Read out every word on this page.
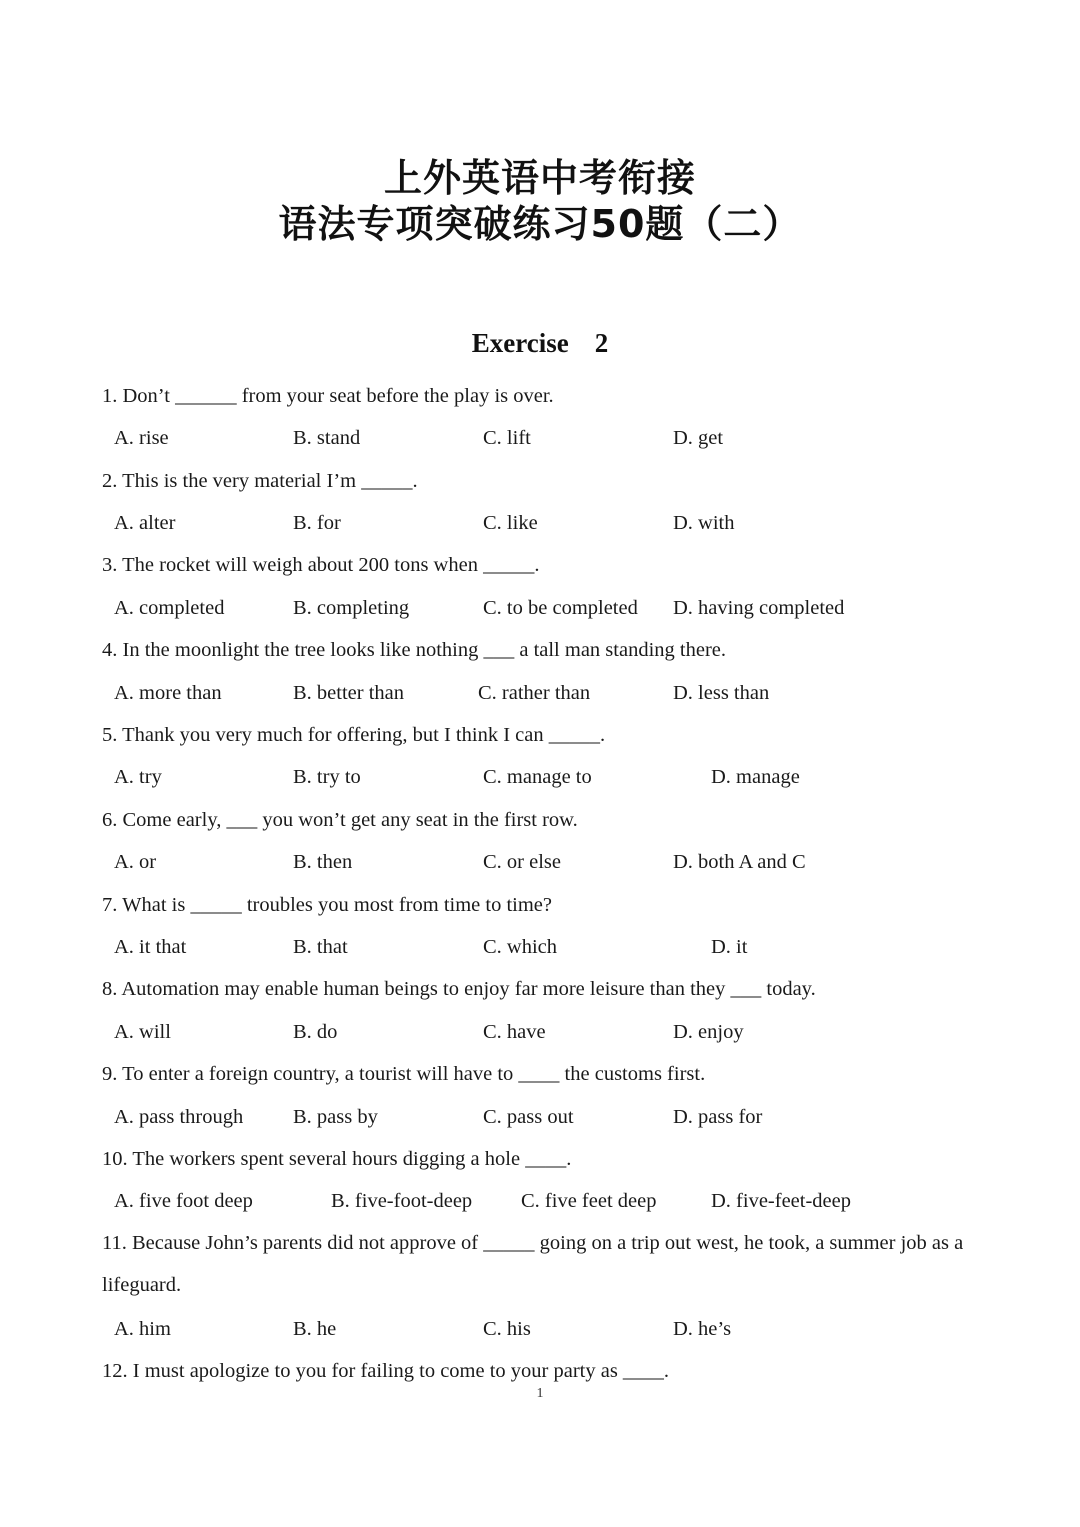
上外英语中考衔接
语法专项突破练习50题（二）
Exercise 2
1. Don’t ______ from your seat before the play is over.
A. rise	B. stand	C. lift	D. get
2. This is the very material I’m _____.
A. alter	B. for	C. like	D. with
3. The rocket will weigh about 200 tons when _____.
A. completed	B. completing	C. to be completed D. having completed
4. In the moonlight the tree looks like nothing ___ a tall man standing there.
A. more than	B. better than	C. rather than	D. less than
5. Thank you very much for offering, but I think I can _____.
A. try	B. try to	C. manage to	D. manage
6. Come early, ___ you won’t get any seat in the first row.
A. or	B. then	C. or else	D. both A and C
7. What is _____ troubles you most from time to time?
A. it that	B. that	C. which	D. it
8. Automation may enable human beings to enjoy far more leisure than they ___ today.
A. will	B. do	C. have	D. enjoy
9. To enter a foreign country, a tourist will have to ____ the customs first.
A. pass through B. pass by	C. pass out	D. pass for
10. The workers spent several hours digging a hole ____.
A. five foot deep	B. five-foot-deep C. five feet deep	D. five-feet-deep
11. Because John’s parents did not approve of _____ going on a trip out west, he took, a summer job as a lifeguard.
A. him	B. he	C. his	D. he’s
12. I must apologize to you for failing to come to your party as ____.
1
